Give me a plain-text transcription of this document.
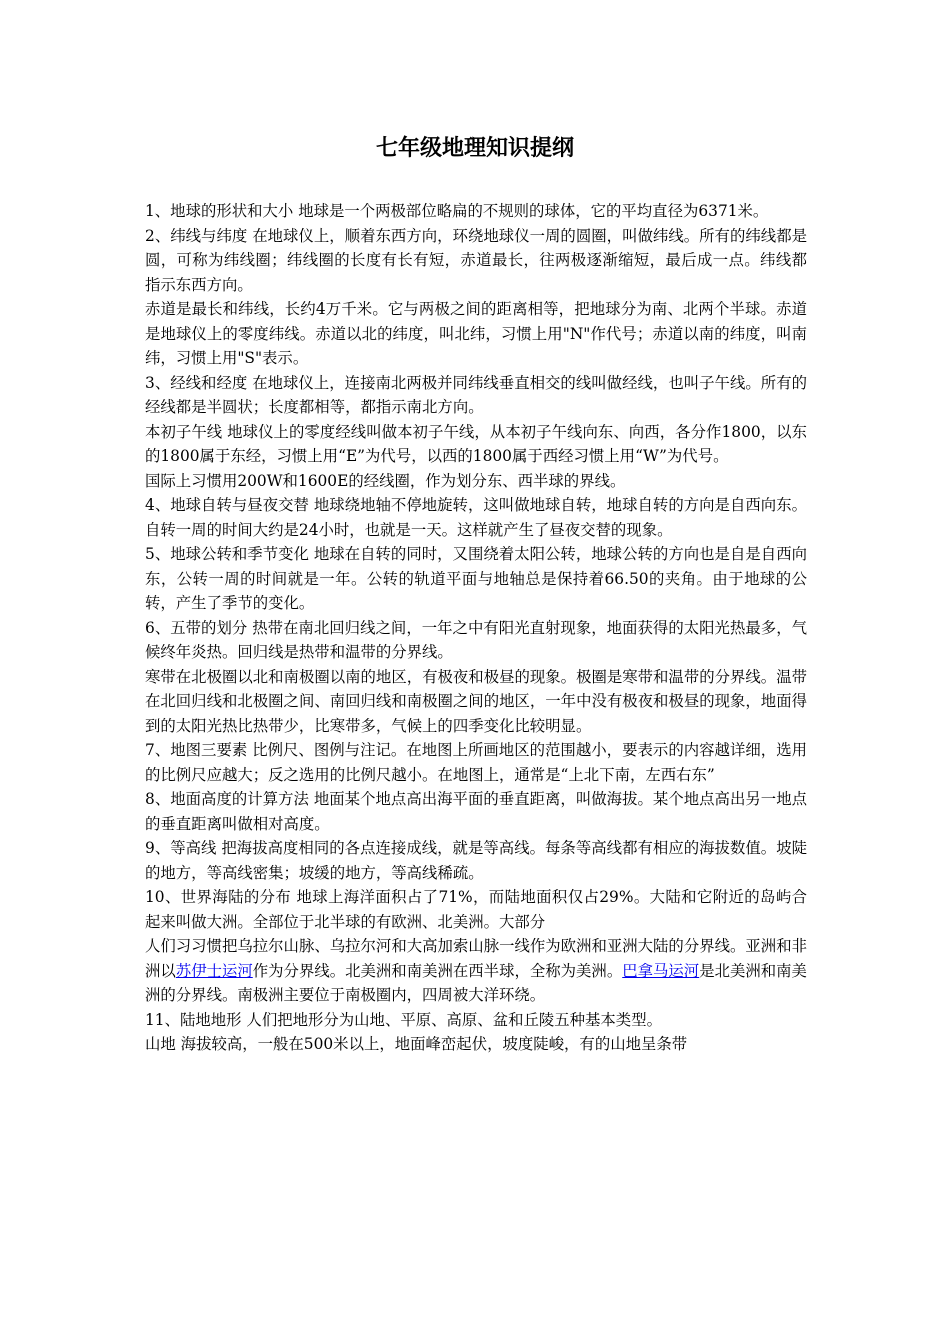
七年级地理知识提纲

1、地球的形状和大小 地球是一个两极部位略扁的不规则的球体，它的平均直径为6371米。

2、纬线与纬度 在地球仪上，顺着东西方向，环绕地球仪一周的圆圈，叫做纬线。所有的纬线都是圆，可称为纬线圈；纬线圈的长度有长有短，赤道最长，往两极逐渐缩短，最后成一点。纬线都 指示东西方向。

赤道是最长和纬线，长约4万千米。它与两极之间的距离相等，把地球分为南、北两个半球。赤道是地球仪上的零度纬线。赤道以北的纬度，叫北纬，习惯上用"N"作代号；赤道以南的纬度，叫南纬，习惯上用"S"表示。

3、经线和经度 在地球仪上，连接南北两极并同纬线垂直相交的线叫做经线，也叫子午线。所有的经线都是半圆状；长度都相等，都指示南北方向。

本初子午线 地球仪上的零度经线叫做本初子午线，从本初子午线向东、向西，各分作1800，以东的1800属于东经，习惯上用“E”为代号，以西的1800属于西经习惯上用“W”为代号。

国际上习惯用200W和1600E的经线圈，作为划分东、西半球的界线。

4、地球自转与昼夜交替 地球绕地轴不停地旋转，这叫做地球自转，地球自转的方向是自西向东。自转一周的时间大约是24小时，也就是一天。这样就产生了昼夜交替的现象。

5、地球公转和季节变化 地球在自转的同时，又围绕着太阳公转，地球公转的方向也是自是自西向东，公转一周的时间就是一年。公转的轨道平面与地轴总是保持着66.50的夹角。由于地球的公转，产生了季节的变化。

6、五带的划分 热带在南北回归线之间，一年之中有阳光直射现象，地面获得的太阳光热最多，气候终年炎热。回归线是热带和温带的分界线。

寒带在北极圈以北和南极圈以南的地区，有极夜和极昼的现象。极圈是寒带和温带的分界线。温带在北回归线和北极圈之间、南回归线和南极圈之间的地区，一年中没有极夜和极昼的现象，地面得到的太阳光热比热带少，比寒带多，气候上的四季变化比较明显。

7、地图三要素 比例尺、图例与注记。在地图上所画地区的范围越小，要表示的内容越详细，选用的比例尺应越大；反之选用的比例尺越小。在地图上，通常是“上北下南，左西右东”

8、地面高度的计算方法 地面某个地点高出海平面的垂直距离，叫做海拔。某个地点高出另一地点的垂直距离叫做相对高度。

9、等高线 把海拔高度相同的各点连接成线，就是等高线。每条等高线都有相应的海拔数值。坡陡的地方，等高线密集；坡缓的地方，等高线稀疏。

10、世界海陆的分布 地球上海洋面积占了71%，而陆地面积仅占29%。大陆和它附近的岛屿合起来叫做大洲。全部位于北半球的有欧洲、北美洲。大部分

人们习习惯把乌拉尔山脉、乌拉尔河和大高加索山脉一线作为欧洲和亚洲大陆的分界线。亚洲和非洲以苏伊士运河作为分界线。北美洲和南美洲在西半球，全称为美洲。巴拿马运河是北美洲和南美洲的分界线。南极洲主要位于南极圈内，四周被大洋环绕。

11、陆地地形 人们把地形分为山地、平原、高原、盆和丘陵五种基本类型。

山地 海拔较高，一般在500米以上，地面峰峦起伏，坡度陡峻，有的山地呈条带
